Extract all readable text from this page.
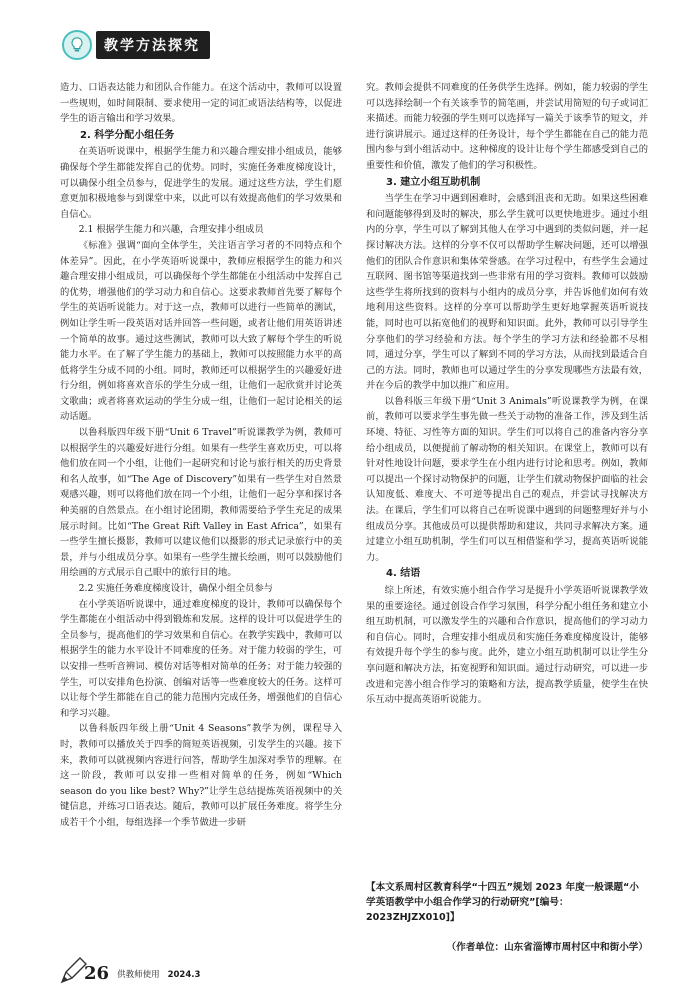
教学方法探究

造力、口语表达能力和团队合作能力。在这个活动中，教师可以设置一些规则，如时间限制、要求使用一定的词汇或语法结构等，以促进学生的语言输出和学习效果。

2. 科学分配小组任务

在英语听说课中，根据学生能力和兴趣合理安排小组成员，能够确保每个学生都能发挥自己的优势。同时，实施任务难度梯度设计，可以确保小组全员参与，促进学生的发展。通过这些方法，学生们愿意更加积极地参与到课堂中来，以此可以有效提高他们的学习效果和自信心。

2.1 根据学生能力和兴趣，合理安排小组成员

《标准》强调“面向全体学生，关注语言学习者的不同特点和个体差异”。因此，在小学英语听说课中，教师应根据学生的能力和兴趣合理安排小组成员，可以确保每个学生都能在小组活动中发挥自己的优势，增强他们的学习动力和自信心。这要求教师首先要了解每个学生的英语听说能力。对于这一点，教师可以进行一些简单的测试，例如让学生听一段英语对话并回答一些问题，或者让他们用英语讲述一个简单的故事。通过这些测试，教师可以大致了解每个学生的听说能力水平。在了解了学生能力的基础上，教师可以按照能力水平的高低将学生分成不同的小组。同时，教师还可以根据学生的兴趣爱好进行分组，例如将喜欢音乐的学生分成一组，让他们一起欣赏并讨论英文歌曲；或者将喜欢运动的学生分成一组，让他们一起讨论相关的运动话题。

以鲁科版四年级下册“Unit 6 Travel”听说课教学为例，教师可以根据学生的兴趣爱好进行分组。如果有一些学生喜欢历史，可以将他们放在同一个小组，让他们一起研究和讨论与旅行相关的历史背景和名人故事，如“The Age of Discovery”如果有一些学生对自然景观感兴趣，则可以将他们放在同一个小组，让他们一起分享和探讨各种美丽的自然景点。在小组讨论团期，教师需要给予学生充足的成果展示时间。比如“The Great Rift Valley in East Africa”，如果有一些学生擅长摄影，教师可以建议他们以摄影的形式记录旅行中的美景，并与小组成员分享。如果有一些学生擅长绘画，则可以鼓励他们用绘画的方式展示自己眼中的旅行目的地。

2.2 实施任务难度梯度设计，确保小组全员参与

在小学英语听说课中，通过难度梯度的设计，教师可以确保每个学生都能在小组活动中得到锻炼和发展。这样的设计可以促进学生的全员参与，提高他们的学习效果和自信心。在教学实践中，教师可以根据学生的能力水平设计不同难度的任务。对于能力较弱的学生，可以安排一些听音辨词、模仿对话等相对简单的任务；对于能力较强的学生，可以安排角色扮演、创编对话等一些难度较大的任务。这样可以让每个学生都能在自己的能力范围内完成任务，增强他们的自信心和学习兴趣。

以鲁科版四年级上册“Unit 4 Seasons”教学为例，课程导入时，教师可以播放关于四季的简短英语视频，引发学生的兴趣。接下来，教师可以就视频内容进行问答，帮助学生加深对季节的理解。在这一阶段，教师可以安排一些相对简单的任务，例如“Which season do you like best? Why?”让学生总结提炼英语视频中的关键信息，并练习口语表达。随后，教师可以扩展任务难度。将学生分成若干个小组，每组选择一个季节做进一步研

究。教师会提供不同难度的任务供学生选择。例如，能力较弱的学生可以选择绘制一个有关该季节的简笔画，并尝试用简短的句子或词汇来描述。而能力较强的学生则可以选择写一篇关于该季节的短文，并进行演讲展示。通过这样的任务设计，每个学生都能在自己的能力范围内参与到小组活动中。这种梯度的设计让每个学生都感受到自己的重要性和价值，激发了他们的学习积极性。

3. 建立小组互助机制

当学生在学习中遇到困难时，会感到沮丧和无助。如果这些困难和问题能够得到及时的解决，那么学生就可以更快地进步。通过小组内的分享，学生可以了解到其他人在学习中遇到的类似问题，并一起探讨解决方法。这样的分享不仅可以帮助学生解决问题，还可以增强他们的团队合作意识和集体荣誉感。在学习过程中，有些学生会通过互联网、图书馆等渠道找到一些非常有用的学习资料。教师可以鼓励这些学生将所找到的资料与小组内的成员分享，并告诉他们如何有效地利用这些资料。这样的分享可以帮助学生更好地掌握英语听说技能，同时也可以拓宽他们的视野和知识面。此外，教师可以引导学生分享他们的学习经验和方法。每个学生的学习方法和经验都不尽相同，通过分享，学生可以了解到不同的学习方法，从而找到最适合自己的方法。同时，教师也可以通过学生的分享发现哪些方法最有效，并在今后的教学中加以推广和应用。

以鲁科版三年级下册“Unit 3 Animals”听说课教学为例，在课前，教师可以要求学生事先做一些关于动物的准备工作，涉及到生活环境、特征、习性等方面的知识。学生们可以将自己的准备内容分享给小组成员，以便提前了解动物的相关知识。在课堂上，教师可以有针对性地设计问题，要求学生在小组内进行讨论和思考。例如，教师可以提出一个探讨动物保护的问题，让学生们就动物保护面临的社会认知度低、难度大、不可逆等提出自己的观点，并尝试寻找解决方法。在课后，学生们可以将自己在听说课中遇到的问题整理好并与小组成员分享。其他成员可以提供帮助和建议，共同寻求解决方案。通过建立小组互助机制，学生们可以互相借鉴和学习，提高英语听说能力。

4. 结语

综上所述，有效实施小组合作学习是提升小学英语听说课教学效果的重要途径。通过创设合作学习氛围，科学分配小组任务和建立小组互助机制，可以激发学生的兴趣和合作意识，提高他们的学习动力和自信心。同时，合理安排小组成员和实施任务难度梯度设计，能够有效提升每个学生的参与度。此外，建立小组互助机制可以让学生分享问题和解决方法，拓宽视野和知识面。通过行动研究，可以进一步改进和完善小组合作学习的策略和方法，提高教学质量，使学生在快乐互动中提高英语听说能力。

【本文系周村区教育科学“十四五”规划 2023 年度一般课题“小学英语教学中小组合作学习的行动研究”[编号：2023ZHJZX010]】
（作者单位：山东省淄博市周村区中和街小学）
26 供教师使用 2024.3
